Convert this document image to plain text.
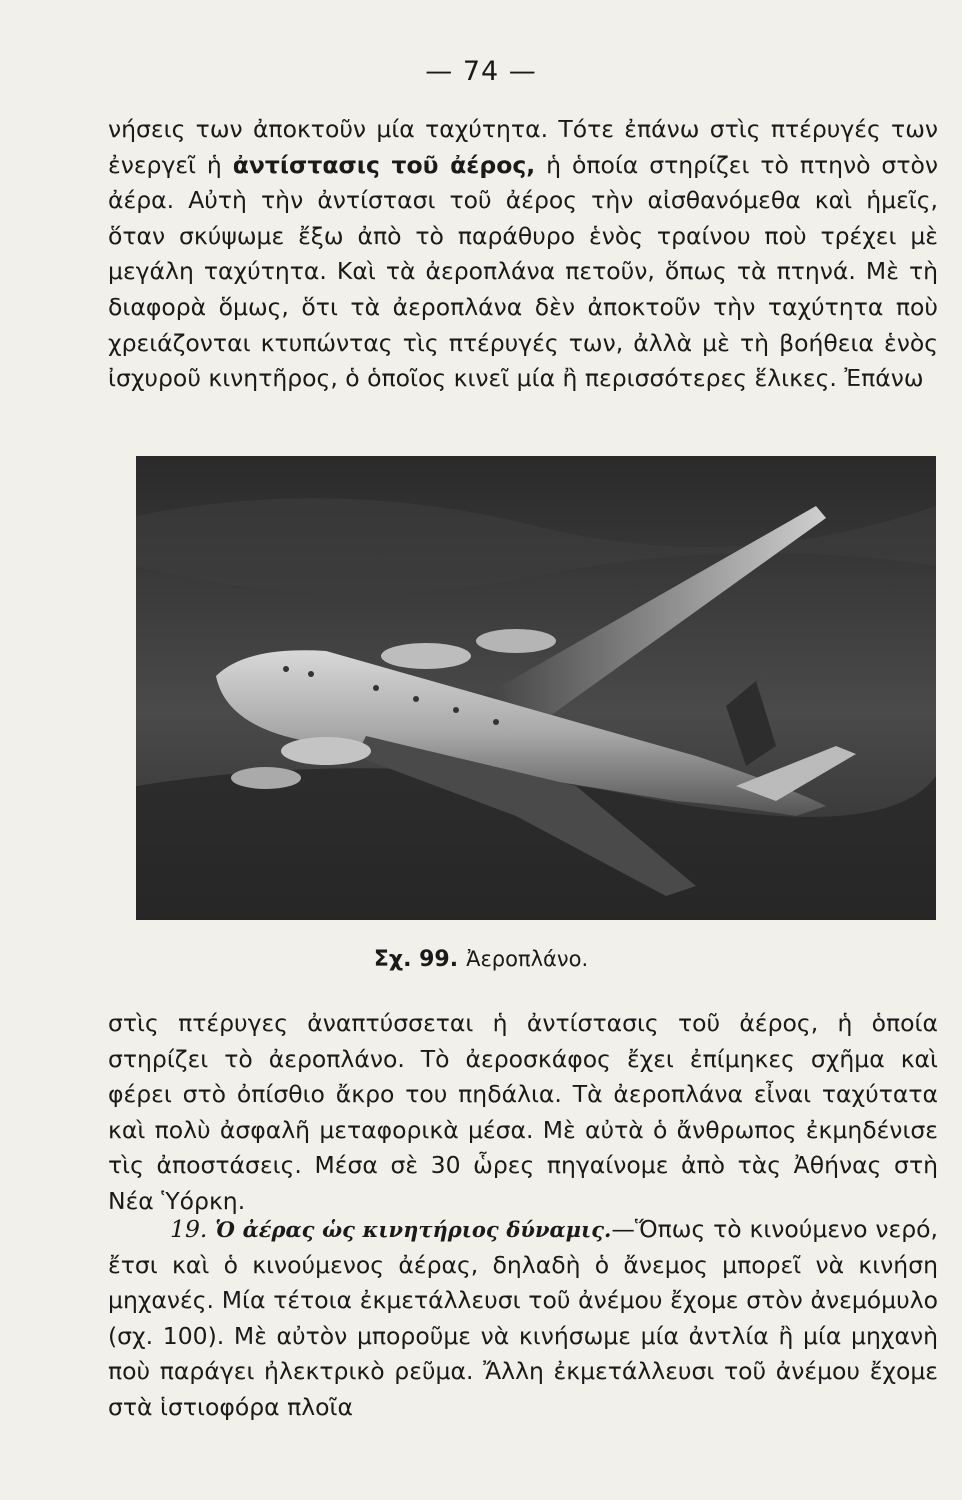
— 74 —

νήσεις των ἀποκτοῦν μία ταχύτητα. Τότε ἐπάνω στὶς πτέρυγές των ἐνεργεῖ ἡ ἀντίστασις τοῦ ἀέρος, ἡ ὁποία στηρίζει τὸ πτηνὸ στὸν ἀέρα. Αὐτὴ τὴν ἀντίστασι τοῦ ἀέρος τὴν αἰσθανόμεθα καὶ ἡμεῖς, ὅταν σκύψωμε ἔξω ἀπὸ τὸ παράθυρο ἑνὸς τραίνου ποὺ τρέχει μὲ μεγάλη ταχύτητα. Καὶ τὰ ἀεροπλάνα πετοῦν, ὅπως τὰ πτηνά. Μὲ τὴ διαφορὰ ὅμως, ὅτι τὰ ἀεροπλάνα δὲν ἀποκτοῦν τὴν ταχύτητα ποὺ χρειάζονται κτυπώντας τὶς πτέρυγές των, ἀλλὰ μὲ τὴ βοήθεια ἑνὸς ἰσχυροῦ κινητῆρος, ὁ ὁποῖος κινεῖ μία ἢ περισσότερες ἕλικες. Ἐπάνω

Σχ. 99. Ἀεροπλάνο.

στὶς πτέρυγες ἀναπτύσσεται ἡ ἀντίστασις τοῦ ἀέρος, ἡ ὁποία στηρίζει τὸ ἀεροπλάνο. Τὸ ἀεροσκάφος ἔχει ἐπίμηκες σχῆμα καὶ φέρει στὸ ὀπίσθιο ἄκρο του πηδάλια. Τὰ ἀεροπλάνα εἶναι ταχύτατα καὶ πολὺ ἀσφαλῆ μεταφορικὰ μέσα. Μὲ αὐτὰ ὁ ἄνθρωπος ἐκμηδένισε τὶς ἀποστάσεις. Μέσα σὲ 30 ὧρες πηγαίνομε ἀπὸ τὰς Ἀθήνας στὴ Νέα Ὑόρκη.

19. Ὁ ἀέρας ὡς κινητήριος δύναμις.—Ὅπως τὸ κινούμενο νερό, ἔτσι καὶ ὁ κινούμενος ἀέρας, δηλαδὴ ὁ ἄνεμος μπορεῖ νὰ κινήση μηχανές. Μία τέτοια ἐκμετάλλευσι τοῦ ἀνέμου ἔχομε στὸν ἀνεμόμυλο (σχ. 100). Μὲ αὐτὸν μποροῦμε νὰ κινήσωμε μία ἀντλία ἢ μία μηχανὴ ποὺ παράγει ἠλεκτρικὸ ρεῦμα. Ἄλλη ἐκμετάλλευσι τοῦ ἀνέμου ἔχομε στὰ ἱστιοφόρα πλοῖα
